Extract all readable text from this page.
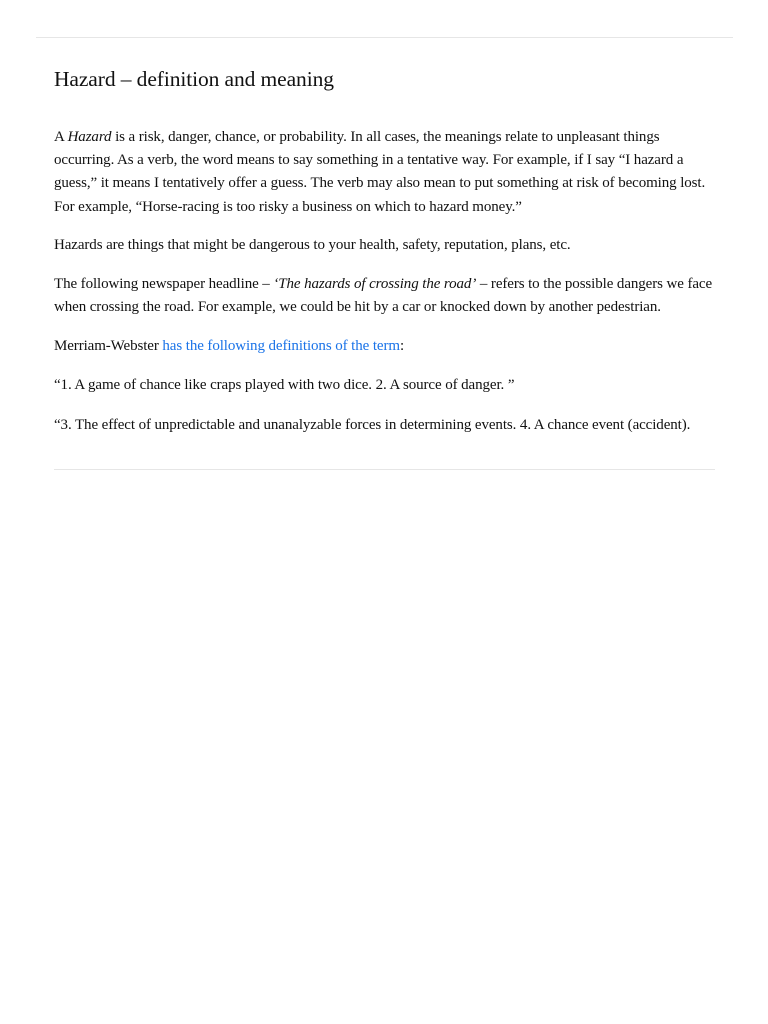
Hazard – definition and meaning

A Hazard is a risk, danger, chance, or probability. In all cases, the meanings relate to unpleasant things occurring. As a verb, the word means to say something in a tentative way. For example, if I say “I hazard a guess,” it means I tentatively offer a guess. The verb may also mean to put something at risk of becoming lost. For example, “Horse-racing is too risky a business on which to hazard money.”

Hazards are things that might be dangerous to your health, safety, reputation, plans, etc.

The following newspaper headline – ‘The hazards of crossing the road’ – refers to the possible dangers we face when crossing the road. For example, we could be hit by a car or knocked down by another pedestrian.

Merriam-Webster has the following definitions of the term:

“1. A game of chance like craps played with two dice. 2. A source of danger. ”

“3. The effect of unpredictable and unanalyzable forces in determining events. 4. A chance event (accident).
